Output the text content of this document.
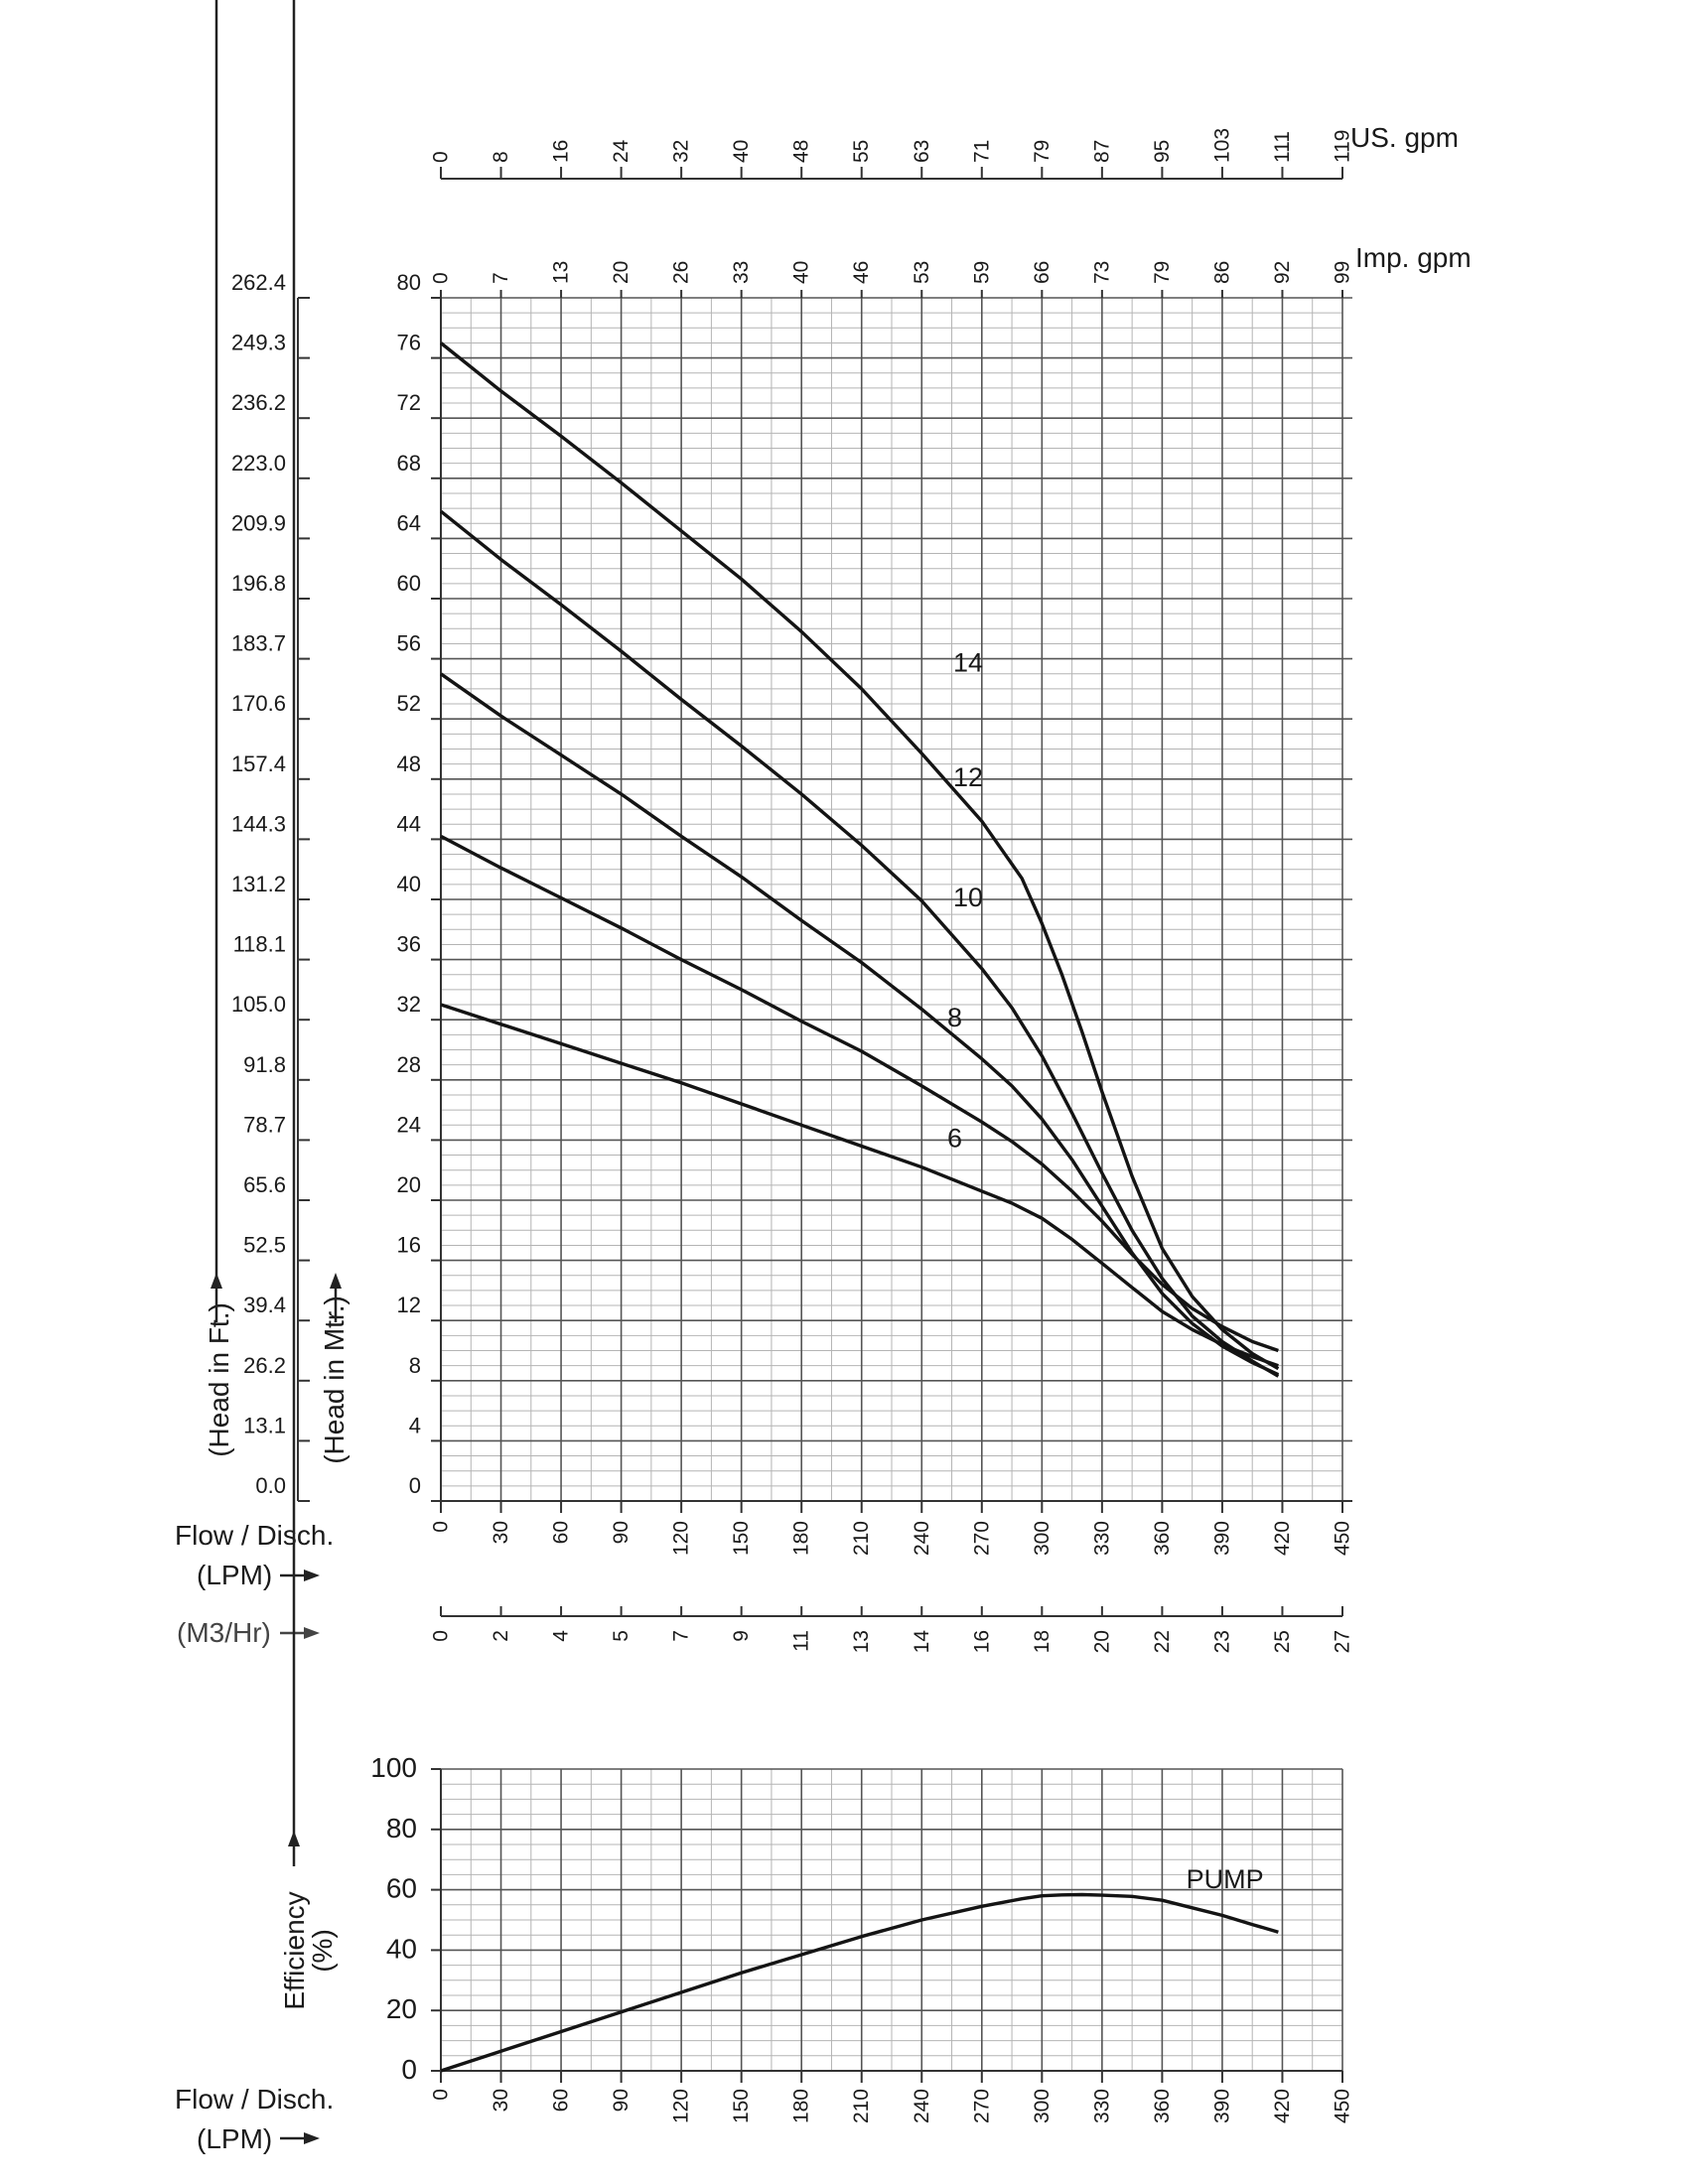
0 8 16 24 32 40 48 55 63 71 79 87 95 103 111 119
14
12
10
8
6
0 7 13 20 26 33 40 46 53 59 66 73 79 86 92 99
0
4
8
12
16
20
24
28
32
36
40
44
48
52
56
60
64
68
72
76
80
0.0
13.1
26.2
39.4
52.5
65.6
78.7
91.8
105.0
118.1
131.2
144.3
157.4
170.6
183.7
196.8
209.9
223.0
236.2
249.3
262.4
0 30 60 90 120 150 180 210 240 270 300 330 360 390 420 450
0 2 4 5 7 9 11 13 14 16 18 20 22 23 25 27
PUMP
0
20
40
60
80
100
0 30 60 90 120 150 180 210 240 270 300 330 360 390 420 450
US. gpm
Imp. gpm
(Head in Ft.)	(Head in Mtr.)
Flow / Disch.
(LPM)
(M3/Hr)
Efficiency
(%)
Flow / Disch.
(LPM)
